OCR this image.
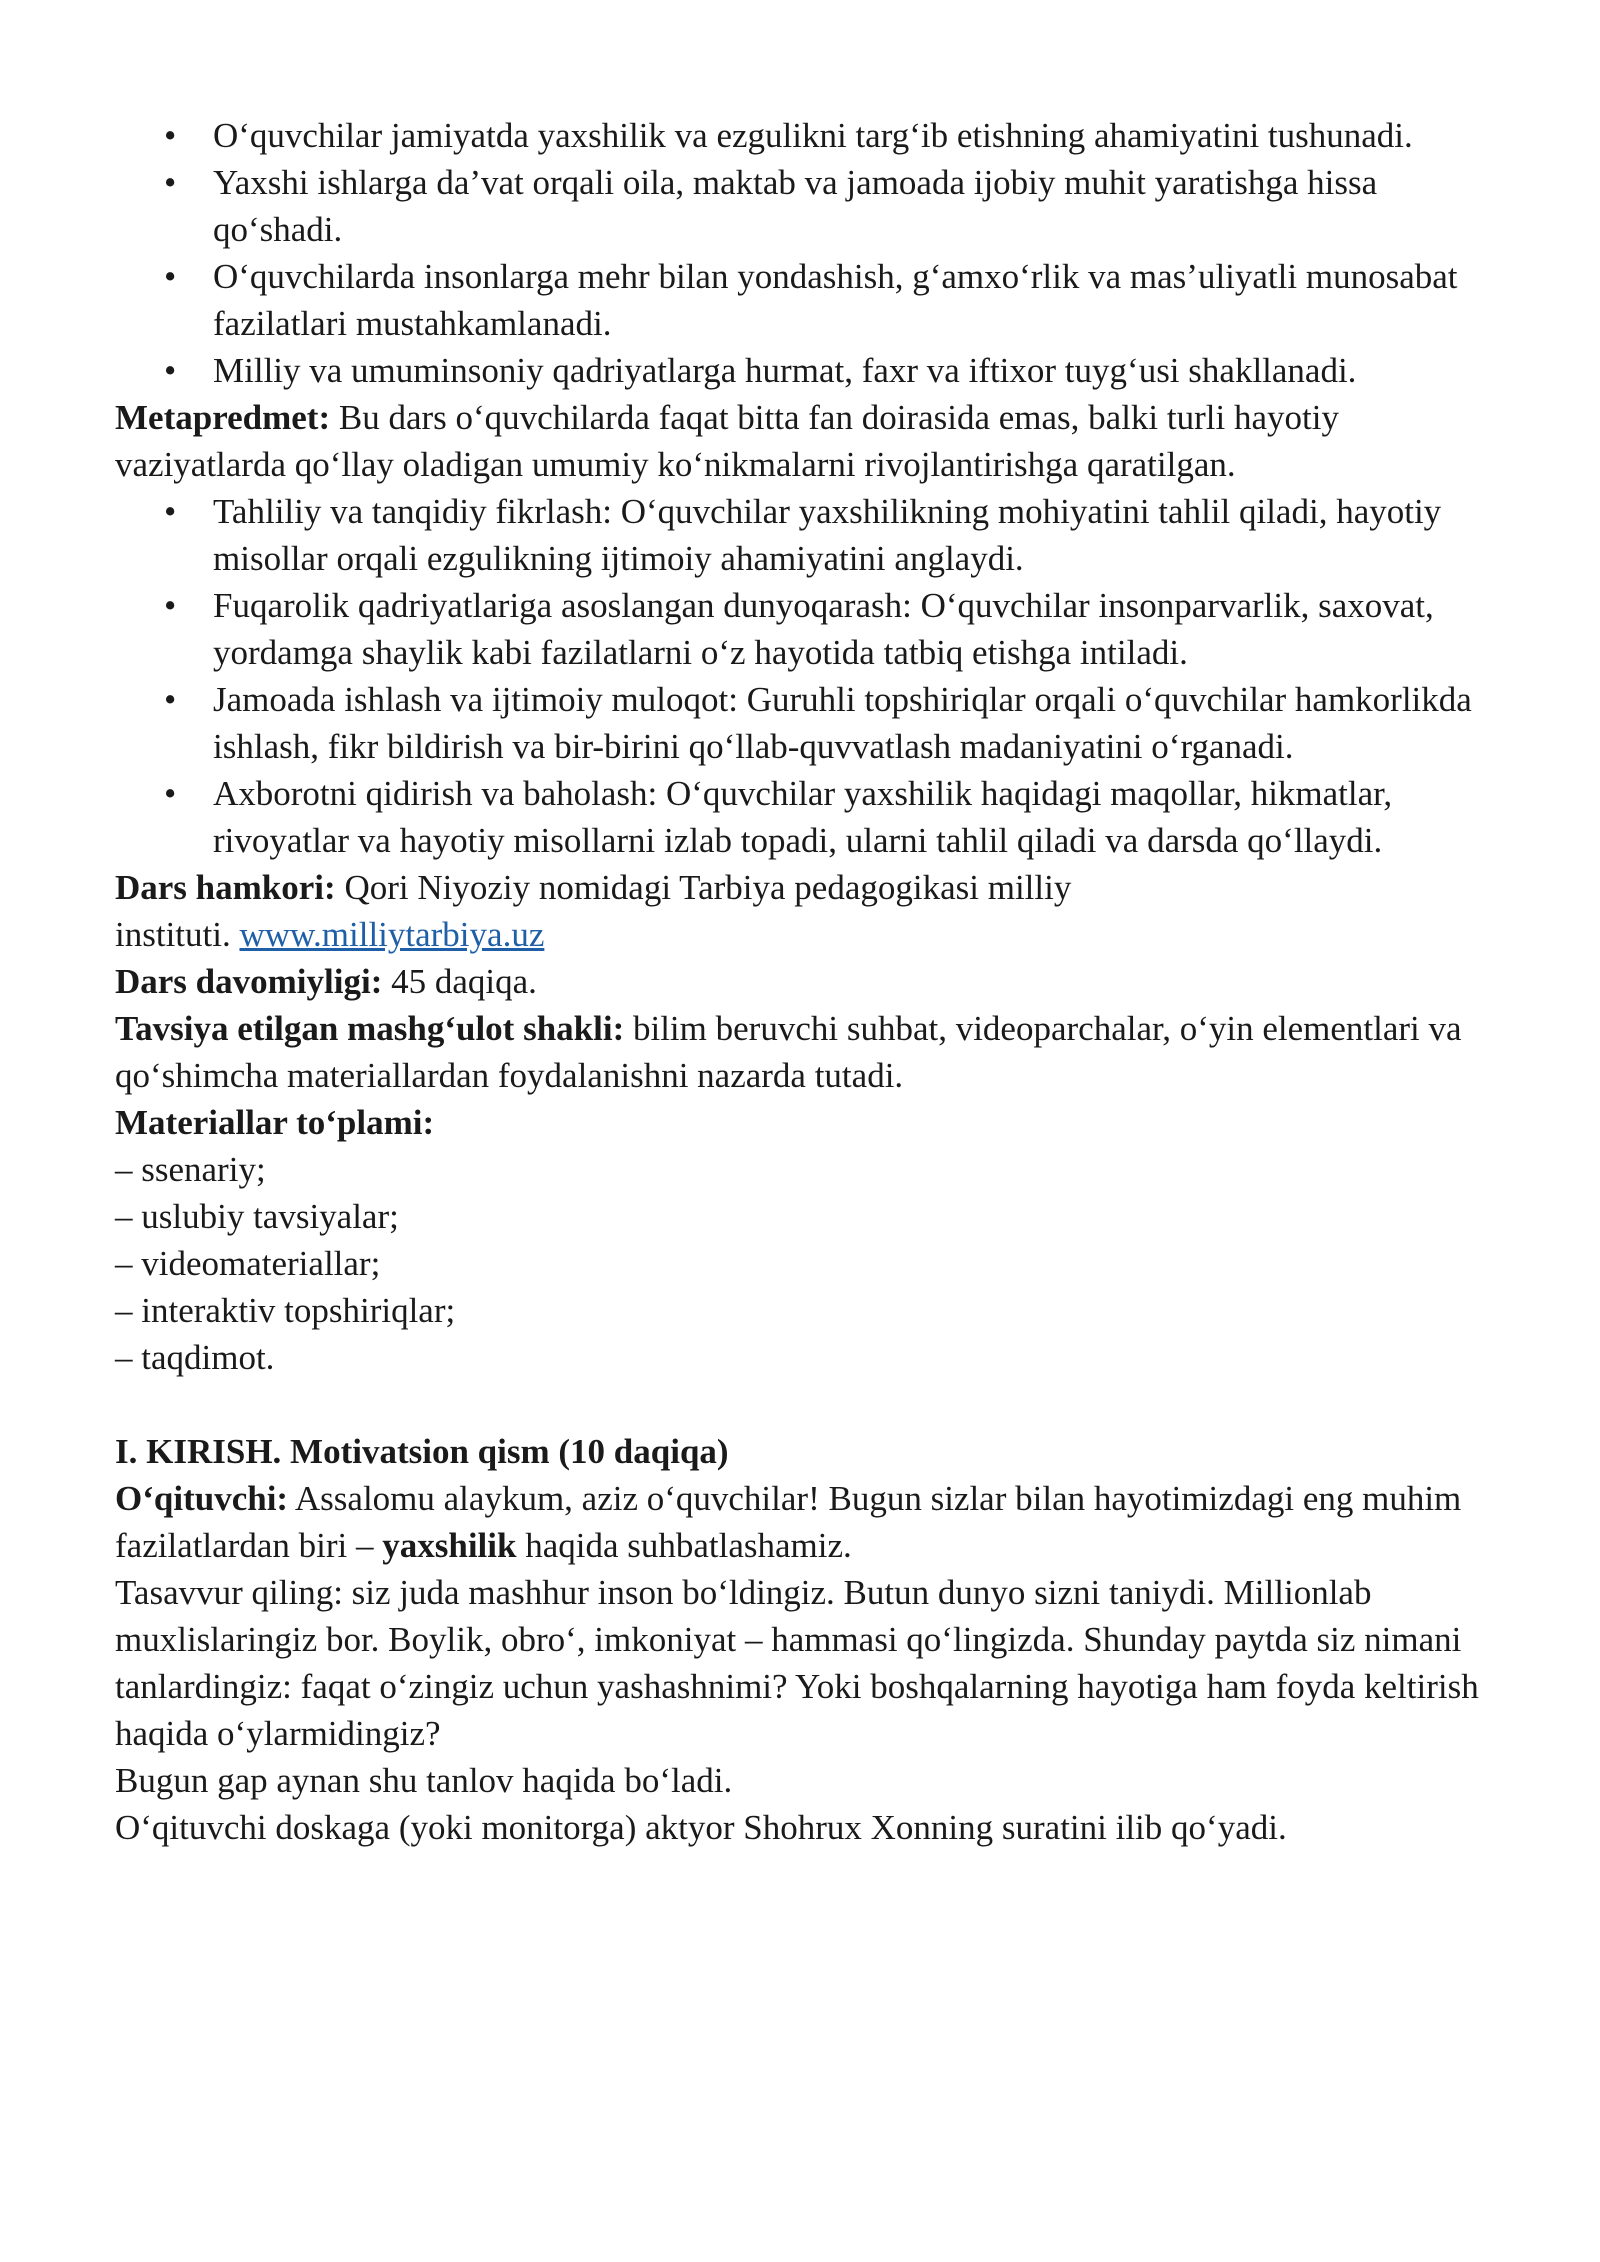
• O‘quvchilar jamiyatda yaxshilik va ezgulikni targ‘ib etishning ahamiyatini tushunadi.
• Yaxshi ishlarga da’vat orqali oila, maktab va jamoada ijobiy muhit yaratishga hissa qo‘shadi.
• O‘quvchilarda insonlarga mehr bilan yondashish, g‘amxo‘rlik va mas’uliyatli munosabat fazilatlari mustahkamlanadi.
• Milliy va umuminsoniy qadriyatlarga hurmat, faxr va iftixor tuyg‘usi shakllanadi.

Metapredmet: Bu dars o‘quvchilarda faqat bitta fan doirasida emas, balki turli hayotiy vaziyatlarda qo‘llay oladigan umumiy ko‘nikmalarni rivojlantirishga qaratilgan.

• Tahliliy va tanqidiy fikrlash: O‘quvchilar yaxshilikning mohiyatini tahlil qiladi, hayotiy misollar orqali ezgulikning ijtimoiy ahamiyatini anglaydi.
• Fuqarolik qadriyatlariga asoslangan dunyoqarash: O‘quvchilar insonparvarlik, saxovat, yordamga shaylik kabi fazilatlarni o‘z hayotida tatbiq etishga intiladi.
• Jamoada ishlash va ijtimoiy muloqot: Guruhli topshiriqlar orqali o‘quvchilar hamkorlikda ishlash, fikr bildirish va bir-birini qo‘llab-quvvatlash madaniyatini o‘rganadi.
• Axborotni qidirish va baholash: O‘quvchilar yaxshilik haqidagi maqollar, hikmatlar, rivoyatlar va hayotiy misollarni izlab topadi, ularni tahlil qiladi va darsda qo‘llaydi.

Dars hamkori: Qori Niyoziy nomidagi Tarbiya pedagogikasi milliy
instituti. www.milliytarbiya.uz

Dars davomiyligi: 45 daqiqa.

Tavsiya etilgan mashg‘ulot shakli: bilim beruvchi suhbat, videoparchalar, o‘yin elementlari va qo‘shimcha materiallardan foydalanishni nazarda tutadi.

Materiallar to‘plami:

– ssenariy;

– uslubiy tavsiyalar;

– videomateriallar;

– interaktiv topshiriqlar;

– taqdimot.

I. KIRISH. Motivatsion qism (10 daqiqa)

O‘qituvchi: Assalomu alaykum, aziz o‘quvchilar! Bugun sizlar bilan hayotimizdagi eng muhim fazilatlardan biri – yaxshilik haqida suhbatlashamiz.

Tasavvur qiling: siz juda mashhur inson bo‘ldingiz. Butun dunyo sizni taniydi. Millionlab muxlislaringiz bor. Boylik, obro‘, imkoniyat – hammasi qo‘lingizda. Shunday paytda siz nimani tanlardingiz: faqat o‘zingiz uchun yashashnimi? Yoki boshqalarning hayotiga ham foyda keltirish haqida o‘ylarmidingiz?

Bugun gap aynan shu tanlov haqida bo‘ladi.

O‘qituvchi doskaga (yoki monitorga) aktyor Shohrux Xonning suratini ilib qo‘yadi.
